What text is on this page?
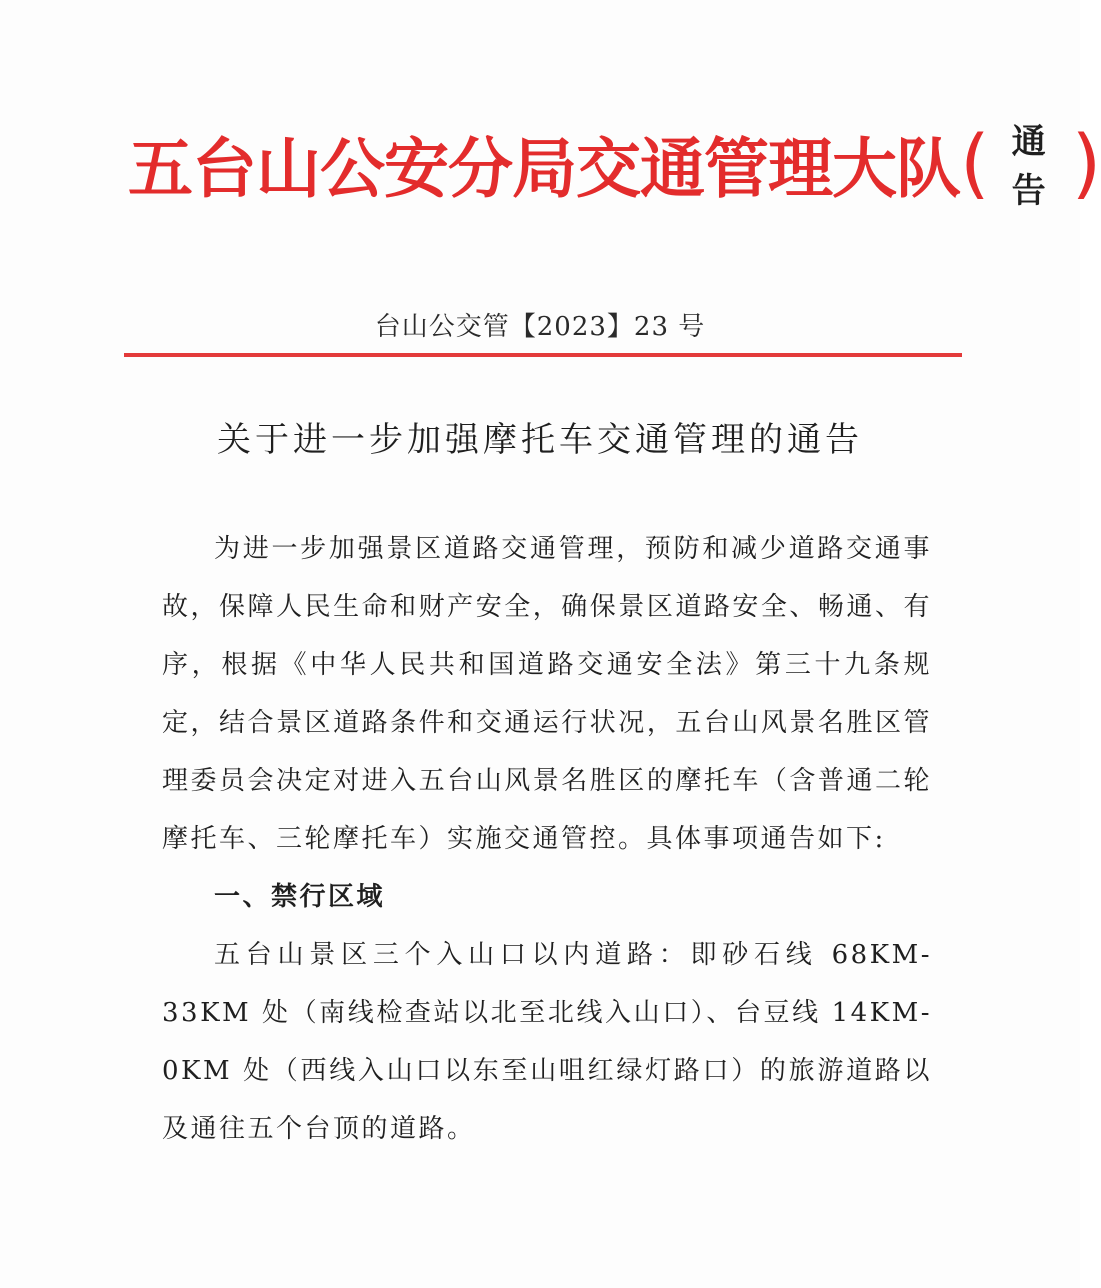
五台山公安分局交通管理大队 ( 通告 )
台山公交管【2023】23 号
关于进一步加强摩托车交通管理的通告

为进一步加强景区道路交通管理，预防和减少道路交通事故，保障人民生命和财产安全，确保景区道路安全、畅通、有序，根据《中华人民共和国道路交通安全法》第三十九条规定，结合景区道路条件和交通运行状况，五台山风景名胜区管理委员会决定对进入五台山风景名胜区的摩托车（含普通二轮摩托车、三轮摩托车）实施交通管控。具体事项通告如下:

一、禁行区域

五台山景区三个入山口以内道路：即砂石线 68KM-33KM 处（南线检查站以北至北线入山口）、台豆线 14KM-0KM 处（西线入山口以东至山咀红绿灯路口）的旅游道路以及通往五个台顶的道路。
